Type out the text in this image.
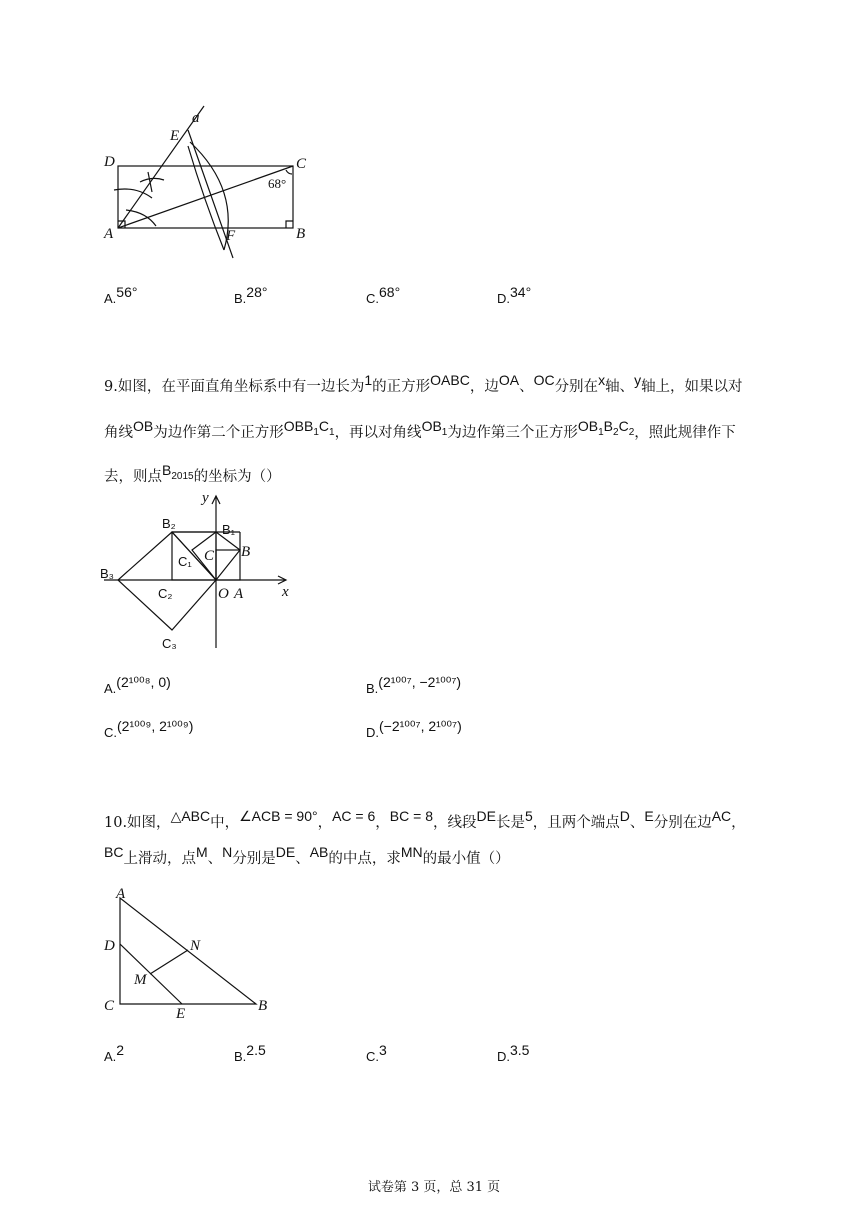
a
E
D	C
68°
A	F	B
A.56°	B.28°	C.68°	D.34°
9.如图，在平面直角坐标系中有一边长为1的正方形OABC，边OA、OC分别在x轴、y轴上，如果以对
角线OB为边作第二个正方形$OBB_1C_1$，再以对角线$OB_1$为边作第三个正方形$OB_1B_2C_2$，照此规律作下
去，则点$B_{2015}$的坐标为（）
y
x
B₂	B₁
B
C
C₁
B₃
C₂	O A
C₃
A.(2¹⁰⁰⁸, 0)	B.(2¹⁰⁰⁷, −2¹⁰⁰⁷)
C.(2¹⁰⁰⁹, 2¹⁰⁰⁹)	D.(−2¹⁰⁰⁷, 2¹⁰⁰⁷)
10.如图，△ABC中，∠ACB = 90°，AC = 6，BC = 8，线段DE长是5，且两个端点D、E分别在边AC，
BC上滑动，点M、N分别是DE、AB的中点，求MN的最小值（）
A
D	N
M
C	E	B
A.2	B.2.5	C.3	D.3.5
试卷第 3 页，总 31 页
